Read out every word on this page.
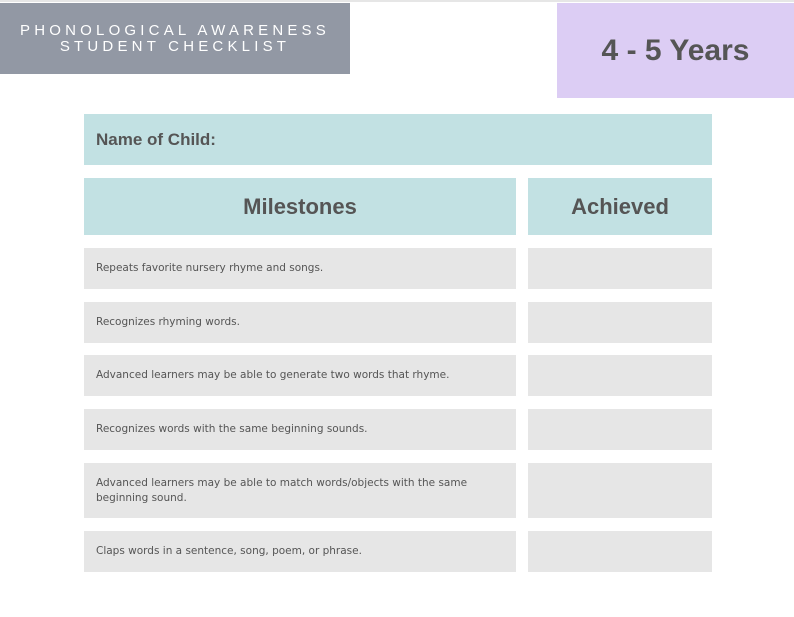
PHONOLOGICAL AWARENESS
STUDENT CHECKLIST	4 - 5 Years
Name of Child:
Milestones	Achieved
Repeats favorite nursery rhyme and songs.
Recognizes rhyming words.
Advanced learners may be able to generate two words that rhyme.
Recognizes words with the same beginning sounds.
Advanced learners may be able to match words/objects with the same beginning sound.
Claps words in a sentence, song, poem, or phrase.
